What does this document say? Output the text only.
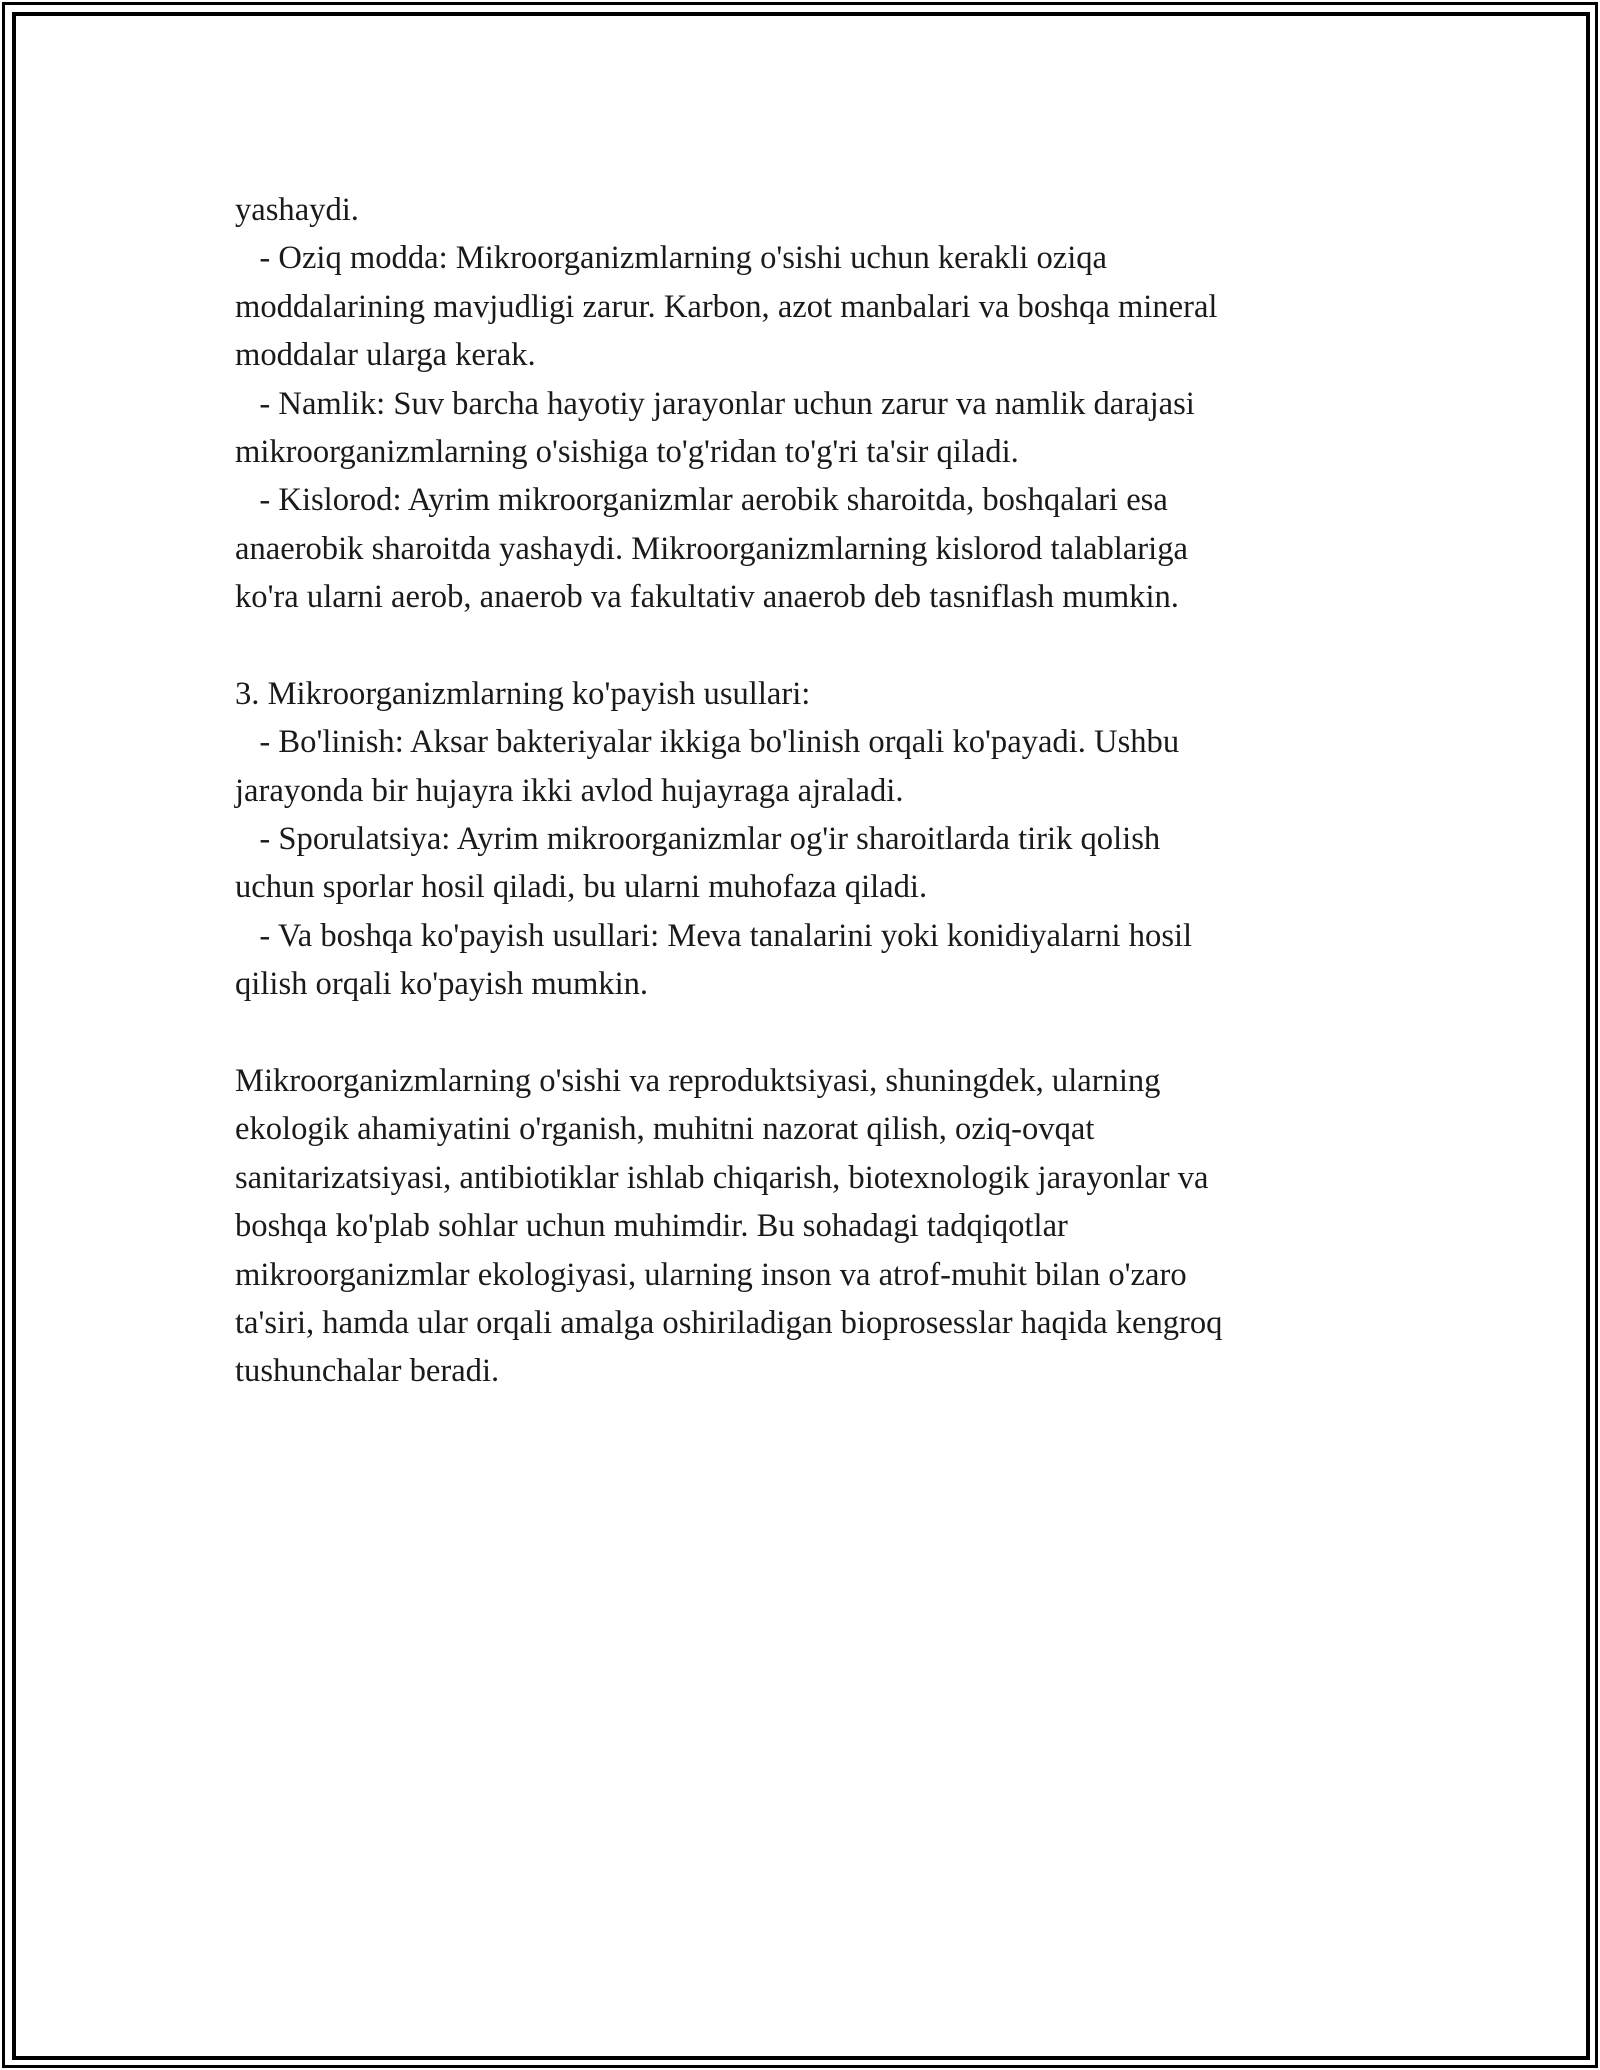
yashaydi.
- Oziq modda: Mikroorganizmlarning o'sishi uchun kerakli oziqa
moddalarining mavjudligi zarur. Karbon, azot manbalari va boshqa mineral
moddalar ularga kerak.
- Namlik: Suv barcha hayotiy jarayonlar uchun zarur va namlik darajasi
mikroorganizmlarning o'sishiga to'g'ridan to'g'ri ta'sir qiladi.
- Kislorod: Ayrim mikroorganizmlar aerobik sharoitda, boshqalari esa
anaerobik sharoitda yashaydi. Mikroorganizmlarning kislorod talablariga
ko'ra ularni aerob, anaerob va fakultativ anaerob deb tasniflash mumkin.
3. Mikroorganizmlarning ko'payish usullari:
- Bo'linish: Aksar bakteriyalar ikkiga bo'linish orqali ko'payadi. Ushbu
jarayonda bir hujayra ikki avlod hujayraga ajraladi.
- Sporulatsiya: Ayrim mikroorganizmlar og'ir sharoitlarda tirik qolish
uchun sporlar hosil qiladi, bu ularni muhofaza qiladi.
- Va boshqa ko'payish usullari: Meva tanalarini yoki konidiyalarni hosil
qilish orqali ko'payish mumkin.
Mikroorganizmlarning o'sishi va reproduktsiyasi, shuningdek, ularning
ekologik ahamiyatini o'rganish, muhitni nazorat qilish, oziq-ovqat
sanitarizatsiyasi, antibiotiklar ishlab chiqarish, biotexnologik jarayonlar va
boshqa ko'plab sohlar uchun muhimdir. Bu sohadagi tadqiqotlar
mikroorganizmlar ekologiyasi, ularning inson va atrof-muhit bilan o'zaro
ta'siri, hamda ular orqali amalga oshiriladigan bioprosesslar haqida kengroq
tushunchalar beradi.
